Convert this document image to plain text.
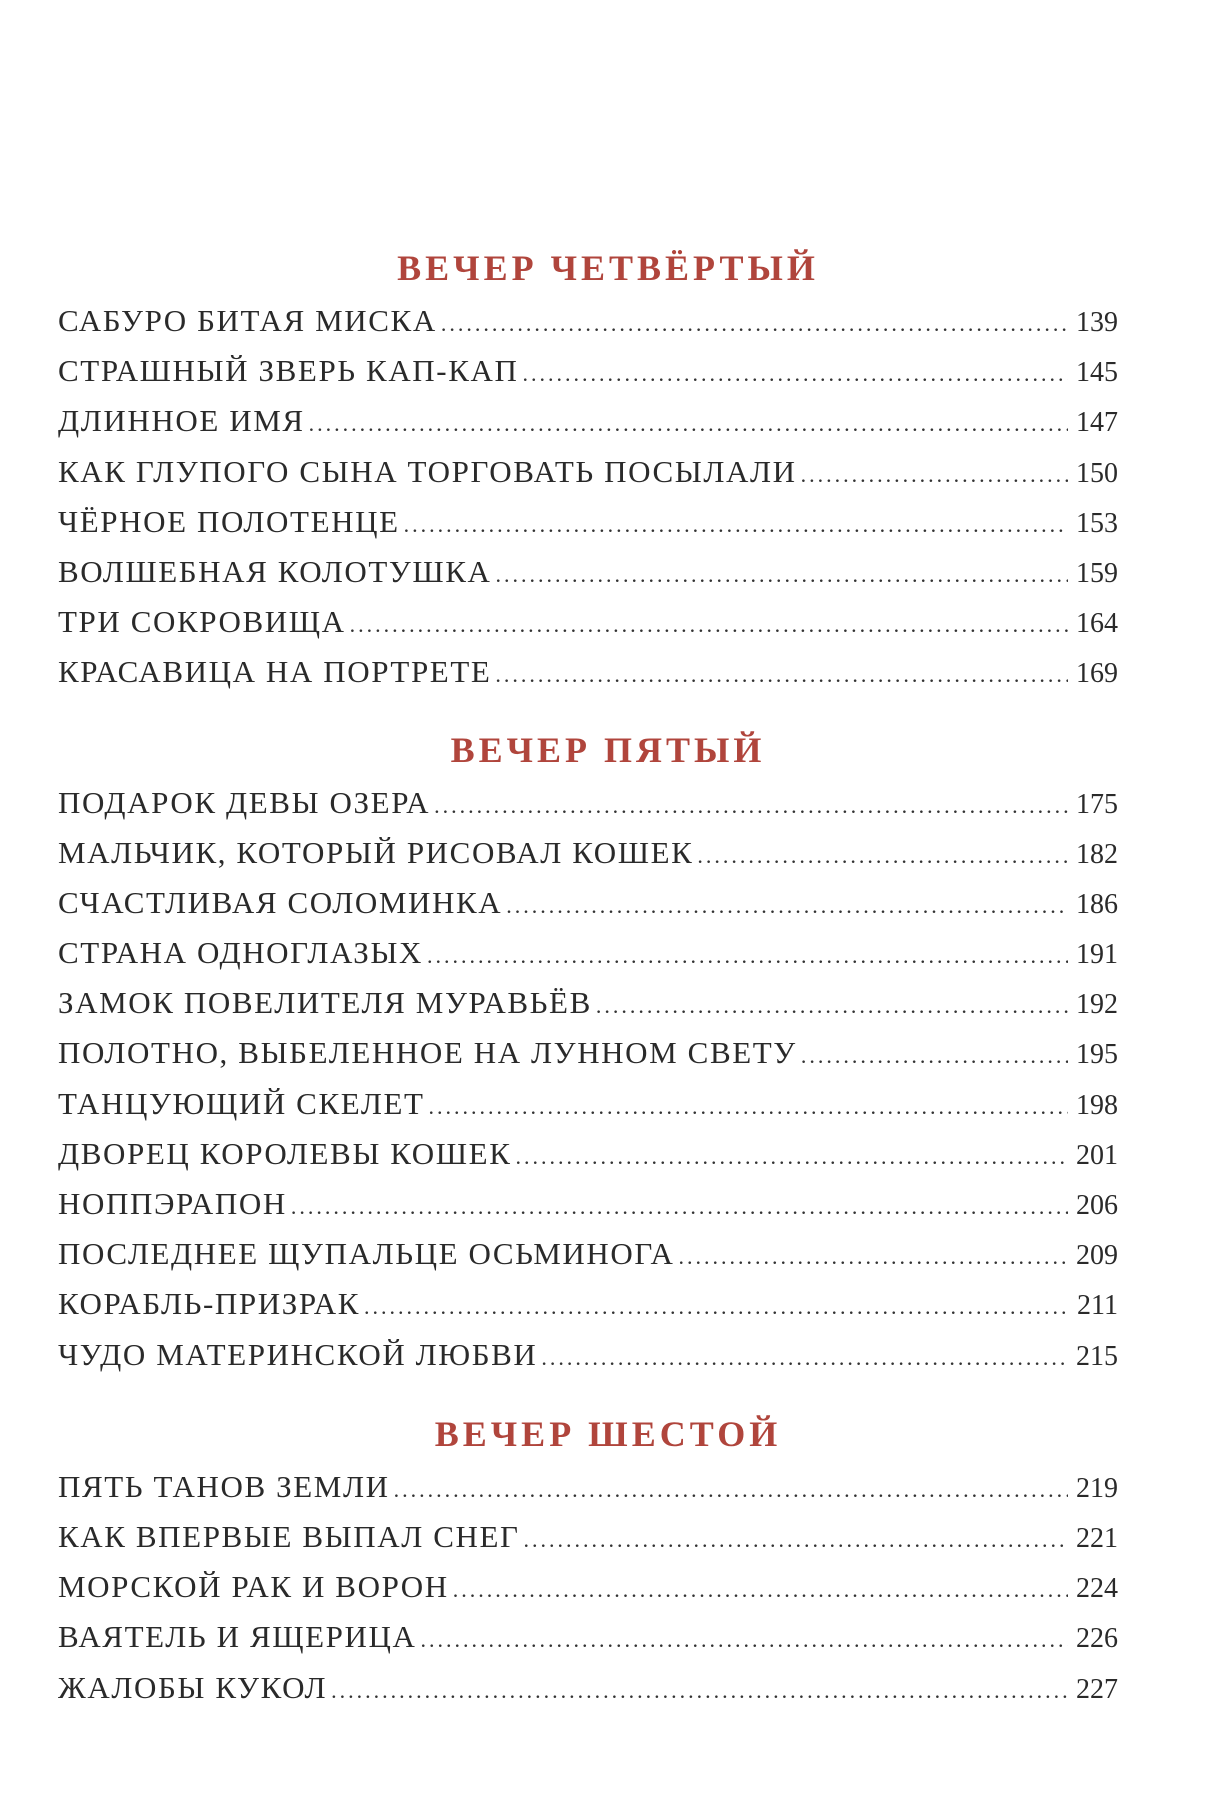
ВЕЧЕР ЧЕТВЁРТЫЙ
САБУРО БИТАЯ МИСКА .....	139
СТРАШНЫЙ ЗВЕРЬ КАП-КАП .....	145
ДЛИННОЕ ИМЯ .....	147
КАК ГЛУПОГО СЫНА ТОРГОВАТЬ ПОСЫЛАЛИ .....	150
ЧЁРНОЕ ПОЛОТЕНЦЕ .....	153
ВОЛШЕБНАЯ КОЛОТУШКА .....	159
ТРИ СОКРОВИЩА .....	164
КРАСАВИЦА НА ПОРТРЕТЕ .....	169
ВЕЧЕР ПЯТЫЙ
ПОДАРОК ДЕВЫ ОЗЕРА .....	175
МАЛЬЧИК, КОТОРЫЙ РИСОВАЛ КОШЕК .....	182
СЧАСТЛИВАЯ СОЛОМИНКА .....	186
СТРАНА ОДНОГЛАЗЫХ .....	191
ЗАМОК ПОВЕЛИТЕЛЯ МУРАВЬЁВ .....	192
ПОЛОТНО, ВЫБЕЛЕННОЕ НА ЛУННОМ СВЕТУ .....	195
ТАНЦУЮЩИЙ СКЕЛЕТ .....	198
ДВОРЕЦ КОРОЛЕВЫ КОШЕК .....	201
НОППЭРАПОН .....	206
ПОСЛЕДНЕЕ ЩУПАЛЬЦЕ ОСЬМИНОГА .....	209
КОРАБЛЬ-ПРИЗРАК .....	211
ЧУДО МАТЕРИНСКОЙ ЛЮБВИ .....	215
ВЕЧЕР ШЕСТОЙ
ПЯТЬ ТАНОВ ЗЕМЛИ .....	219
КАК ВПЕРВЫЕ ВЫПАЛ СНЕГ .....	221
МОРСКОЙ РАК И ВОРОН .....	224
ВАЯТЕЛЬ И ЯЩЕРИЦА .....	226
ЖАЛОБЫ КУКОЛ .....	227
